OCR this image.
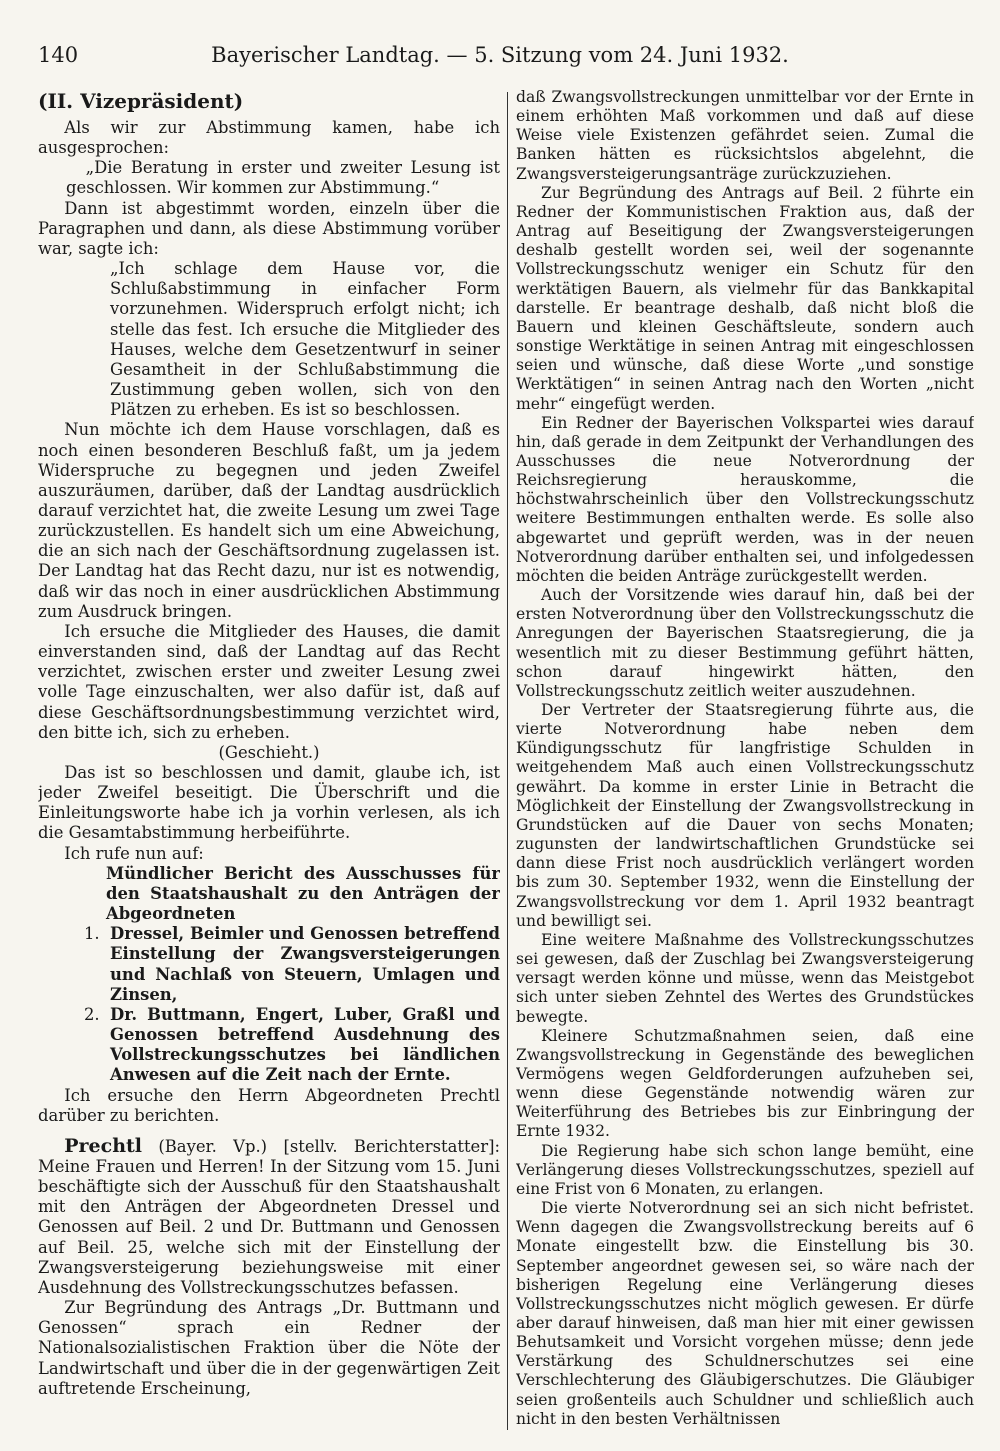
140	Bayerischer Landtag. — 5. Sitzung vom 24. Juni 1932.

(II. Vizepräsident)

Als wir zur Abstimmung kamen, habe ich ausgesprochen:

„Die Beratung in erster und zweiter Lesung ist geschlossen. Wir kommen zur Abstimmung.“

Dann ist abgestimmt worden, einzeln über die Paragraphen und dann, als diese Abstimmung vorüber war, sagte ich:

„Ich schlage dem Hause vor, die Schlußabstimmung in einfacher Form vorzunehmen. Widerspruch erfolgt nicht; ich stelle das fest. Ich ersuche die Mitglieder des Hauses, welche dem Gesetzentwurf in seiner Gesamtheit in der Schlußabstimmung die Zustimmung geben wollen, sich von den Plätzen zu erheben. Es ist so beschlossen.

Nun möchte ich dem Hause vorschlagen, daß es noch einen besonderen Beschluß faßt, um ja jedem Widerspruche zu begegnen und jeden Zweifel auszuräumen, darüber, daß der Landtag ausdrücklich darauf verzichtet hat, die zweite Lesung um zwei Tage zurückzustellen. Es handelt sich um eine Abweichung, die an sich nach der Geschäftsordnung zugelassen ist. Der Landtag hat das Recht dazu, nur ist es notwendig, daß wir das noch in einer ausdrücklichen Abstimmung zum Ausdruck bringen.

Ich ersuche die Mitglieder des Hauses, die damit einverstanden sind, daß der Landtag auf das Recht verzichtet, zwischen erster und zweiter Lesung zwei volle Tage einzuschalten, wer also dafür ist, daß auf diese Geschäftsordnungsbestimmung verzichtet wird, den bitte ich, sich zu erheben.

(Geschieht.)

Das ist so beschlossen und damit, glaube ich, ist jeder Zweifel beseitigt. Die Überschrift und die Einleitungsworte habe ich ja vorhin verlesen, als ich die Gesamtabstimmung herbeiführte.

Ich rufe nun auf:

Mündlicher Bericht des Ausschusses für den Staatshaushalt zu den Anträgen der Abgeordneten

1. Dressel, Beimler und Genossen betreffend Einstellung der Zwangsversteigerungen und Nachlaß von Steuern, Umlagen und Zinsen,

2. Dr. Buttmann, Engert, Luber, Graßl und Genossen betreffend Ausdehnung des Vollstreckungsschutzes bei ländlichen Anwesen auf die Zeit nach der Ernte.

Ich ersuche den Herrn Abgeordneten Prechtl darüber zu berichten.

Prechtl (Bayer. Vp.) [stellv. Berichterstatter]: Meine Frauen und Herren! In der Sitzung vom 15. Juni beschäftigte sich der Ausschuß für den Staatshaushalt mit den Anträgen der Abgeordneten Dressel und Genossen auf Beil. 2 und Dr. Buttmann und Genossen auf Beil. 25, welche sich mit der Einstellung der Zwangsversteigerung beziehungsweise mit einer Ausdehnung des Vollstreckungsschutzes befassen.

Zur Begründung des Antrags „Dr. Buttmann und Genossen“ sprach ein Redner der Nationalsozialistischen Fraktion über die Nöte der Landwirtschaft und über die in der gegenwärtigen Zeit auftretende Erscheinung,

daß Zwangsvollstreckungen unmittelbar vor der Ernte in einem erhöhten Maß vorkommen und daß auf diese Weise viele Existenzen gefährdet seien. Zumal die Banken hätten es rücksichtslos abgelehnt, die Zwangsversteigerungsanträge zurückzuziehen.

Zur Begründung des Antrags auf Beil. 2 führte ein Redner der Kommunistischen Fraktion aus, daß der Antrag auf Beseitigung der Zwangsversteigerungen deshalb gestellt worden sei, weil der sogenannte Vollstreckungsschutz weniger ein Schutz für den werktätigen Bauern, als vielmehr für das Bankkapital darstelle. Er beantrage deshalb, daß nicht bloß die Bauern und kleinen Geschäftsleute, sondern auch sonstige Werktätige in seinen Antrag mit eingeschlossen seien und wünsche, daß diese Worte „und sonstige Werktätigen“ in seinen Antrag nach den Worten „nicht mehr“ eingefügt werden.

Ein Redner der Bayerischen Volkspartei wies darauf hin, daß gerade in dem Zeitpunkt der Verhandlungen des Ausschusses die neue Notverordnung der Reichsregierung herauskomme, die höchstwahrscheinlich über den Vollstreckungsschutz weitere Bestimmungen enthalten werde. Es solle also abgewartet und geprüft werden, was in der neuen Notverordnung darüber enthalten sei, und infolgedessen möchten die beiden Anträge zurückgestellt werden.

Auch der Vorsitzende wies darauf hin, daß bei der ersten Notverordnung über den Vollstreckungsschutz die Anregungen der Bayerischen Staatsregierung, die ja wesentlich mit zu dieser Bestimmung geführt hätten, schon darauf hingewirkt hätten, den Vollstreckungsschutz zeitlich weiter auszudehnen.

Der Vertreter der Staatsregierung führte aus, die vierte Notverordnung habe neben dem Kündigungsschutz für langfristige Schulden in weitgehendem Maß auch einen Vollstreckungsschutz gewährt. Da komme in erster Linie in Betracht die Möglichkeit der Einstellung der Zwangsvollstreckung in Grundstücken auf die Dauer von sechs Monaten; zugunsten der landwirtschaftlichen Grundstücke sei dann diese Frist noch ausdrücklich verlängert worden bis zum 30. September 1932, wenn die Einstellung der Zwangsvollstreckung vor dem 1. April 1932 beantragt und bewilligt sei.

Eine weitere Maßnahme des Vollstreckungsschutzes sei gewesen, daß der Zuschlag bei Zwangsversteigerung versagt werden könne und müsse, wenn das Meistgebot sich unter sieben Zehntel des Wertes des Grundstückes bewegte.

Kleinere Schutzmaßnahmen seien, daß eine Zwangsvollstreckung in Gegenstände des beweglichen Vermögens wegen Geldforderungen aufzuheben sei, wenn diese Gegenstände notwendig wären zur Weiterführung des Betriebes bis zur Einbringung der Ernte 1932.

Die Regierung habe sich schon lange bemüht, eine Verlängerung dieses Vollstreckungsschutzes, speziell auf eine Frist von 6 Monaten, zu erlangen.

Die vierte Notverordnung sei an sich nicht befristet. Wenn dagegen die Zwangsvollstreckung bereits auf 6 Monate eingestellt bzw. die Einstellung bis 30. September angeordnet gewesen sei, so wäre nach der bisherigen Regelung eine Verlängerung dieses Vollstreckungsschutzes nicht möglich gewesen. Er dürfe aber darauf hinweisen, daß man hier mit einer gewissen Behutsamkeit und Vorsicht vorgehen müsse; denn jede Verstärkung des Schuldnerschutzes sei eine Verschlechterung des Gläubigerschutzes. Die Gläubiger seien großenteils auch Schuldner und schließlich auch nicht in den besten Verhältnissen
